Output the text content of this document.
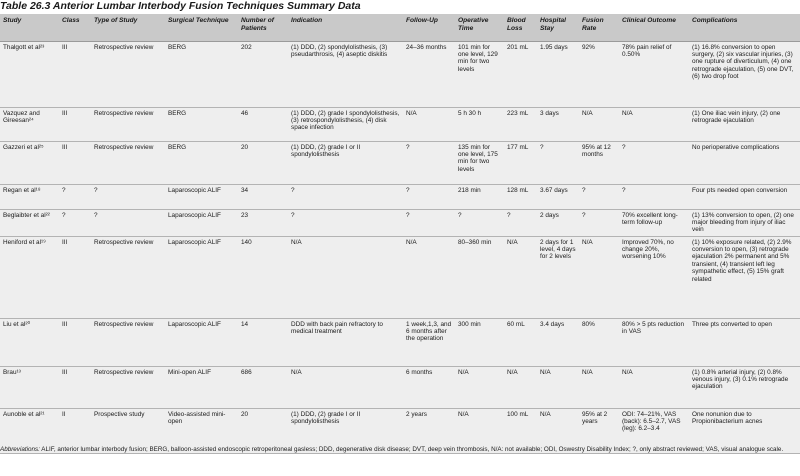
Table 26.3 Anterior Lumbar Interbody Fusion Techniques Summary Data
Study	Class	Type of Study	Surgical Technique	Number of Patients	Indication	Follow-Up	Operative Time	Blood Loss	Hospital Stay	Fusion Rate	Clinical Outcome	Complications
Thalgott et al²³	III	Retrospective review	BERG	202	(1) DDD, (2) spondylolisthesis, (3) pseudarthrosis, (4) aseptic diskitis	24–36 months	101 min for one level, 129 min for two levels	201 mL	1.95 days	92%	78% pain relief of 0.50%	(1) 16.8% conversion to open surgery, (2) six vascular injuries, (3) one rupture of diverticulum, (4) one retrograde ejaculation, (5) one DVT, (6) two drop foot
Vazquez and Gireesan²⁴	III	Retrospective review	BERG	46	(1) DDD, (2) grade I spondylolisthesis, (3) retrospondylolisthesis, (4) disk space infection	N/A	5 h 30 h	223 mL	3 days	N/A	N/A	(1) One iliac vein injury, (2) one retrograde ejaculation
Gazzeri et al²⁵	III	Retrospective review	BERG	20	(1) DDD, (2) grade I or II spondylolisthesis	?	135 min for one level, 175 min for two levels	177 mL	?	95% at 12 months	?	No perioperative complications
Regan et al¹⁸	?	?	Laparoscopic ALIF	34	?	?	218 min	128 mL	3.67 days	?	?	Four pts needed open conversion
Beglaibter et al²²	?	?	Laparoscopic ALIF	23	?	?	?	?	2 days	?	70% excellent long-term follow-up	(1) 13% conversion to open, (2) one major bleeding from injury of iliac vein
Heniford et al¹⁹	III	Retrospective review	Laparoscopic ALIF	140	N/A	N/A	80–360 min	N/A	2 days for 1 level, 4 days for 2 levels	N/A	Improved 70%, no change 20%, worsening 10%	(1) 10% exposure related, (2) 2.9% conversion to open, (3) retrograde ejaculation 2% permanent and 5% transient, (4) transient left leg sympathetic effect, (5) 15% graft related
Liu et al²⁰	III	Retrospective review	Laparoscopic ALIF	14	DDD with back pain refractory to medical treatment	1 week,1,3, and 6 months after the operation	300 min	60 mL	3.4 days	80%	80% > 5 pts reduction in VAS	Three pts converted to open
Brau¹³	III	Retrospective review	Mini-open ALIF	686	N/A	6 months	N/A	N/A	N/A	N/A	N/A	(1) 0.8% arterial injury, (2) 0.8% venous injury, (3) 0.1% retrograde ejaculation
Aunoble et al²¹	II	Prospective study	Video-assisted mini-open	20	(1) DDD, (2) grade I or II spondylolisthesis	2 years	N/A	100 mL	N/A	95% at 2 years	ODI: 74–21%, VAS (back): 6.5–2.7, VAS (leg): 6.2–3.4	One nonunion due to Propionibacterium acnes
Abbreviations: ALIF, anterior lumbar interbody fusion; BERG, balloon-assisted endoscopic retroperitoneal gasless; DDD, degenerative disk disease; DVT, deep vein thrombosis, N/A: not available; ODI, Oswestry Disability Index; ?, only abstract reviewed; VAS, visual analogue scale.
